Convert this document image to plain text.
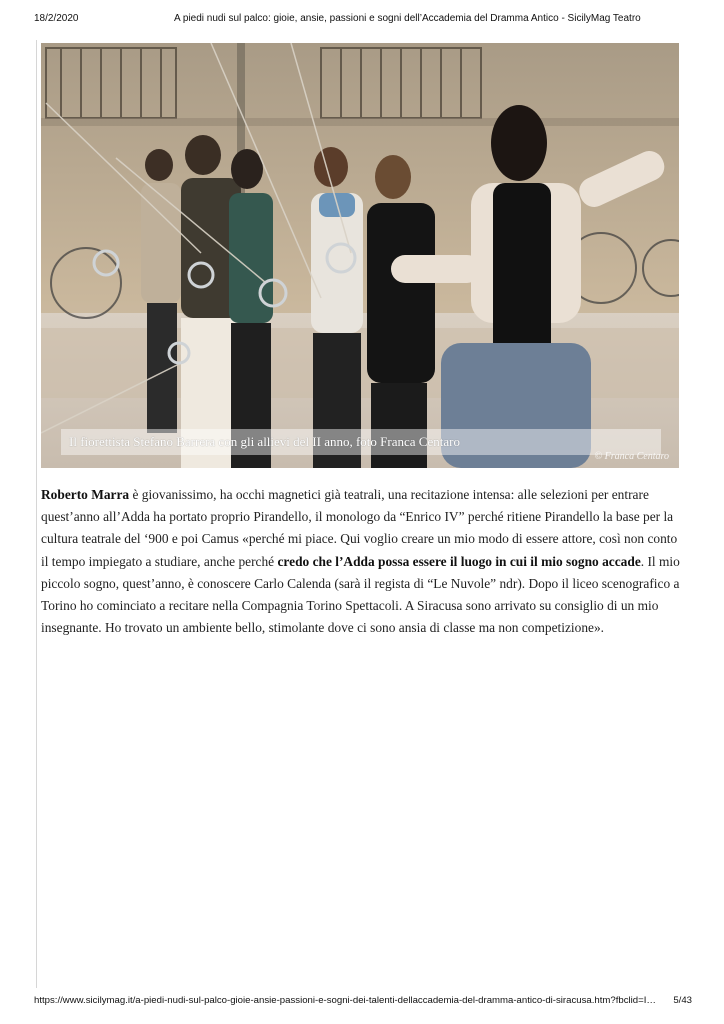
18/2/2020	A piedi nudi sul palco: gioie, ansie, passioni e sogni dell’Accademia del Dramma Antico - SicilyMag Teatro
Il fiorettista Stefano Barrera con gli allievi del II anno, foto Franca Centaro
© Franca Centaro

Roberto Marra è giovanissimo, ha occhi magnetici già teatrali, una recitazione intensa: alle selezioni per entrare quest’anno all’Adda ha portato proprio Pirandello, il monologo da “Enrico IV” perché ritiene Pirandello la base per la cultura teatrale del ‘900 e poi Camus «perché mi piace. Qui voglio creare un mio modo di essere attore, così non conto il tempo impiegato a studiare, anche perché credo che l’Adda possa essere il luogo in cui il mio sogno accade. Il mio piccolo sogno, quest’anno, è conoscere Carlo Calenda (sarà il regista di “Le Nuvole” ndr). Dopo il liceo scenografico a Torino ho cominciato a recitare nella Compagnia Torino Spettacoli. A Siracusa sono arrivato su consiglio di un mio insegnante. Ho trovato un ambiente bello, stimolante dove ci sono ansia di classe ma non competizione».

https://www.sicilymag.it/a-piedi-nudi-sul-palco-gioie-ansie-passioni-e-sogni-dei-talenti-dellaccademia-del-dramma-antico-di-siracusa.htm?fbclid=I… 5/43
